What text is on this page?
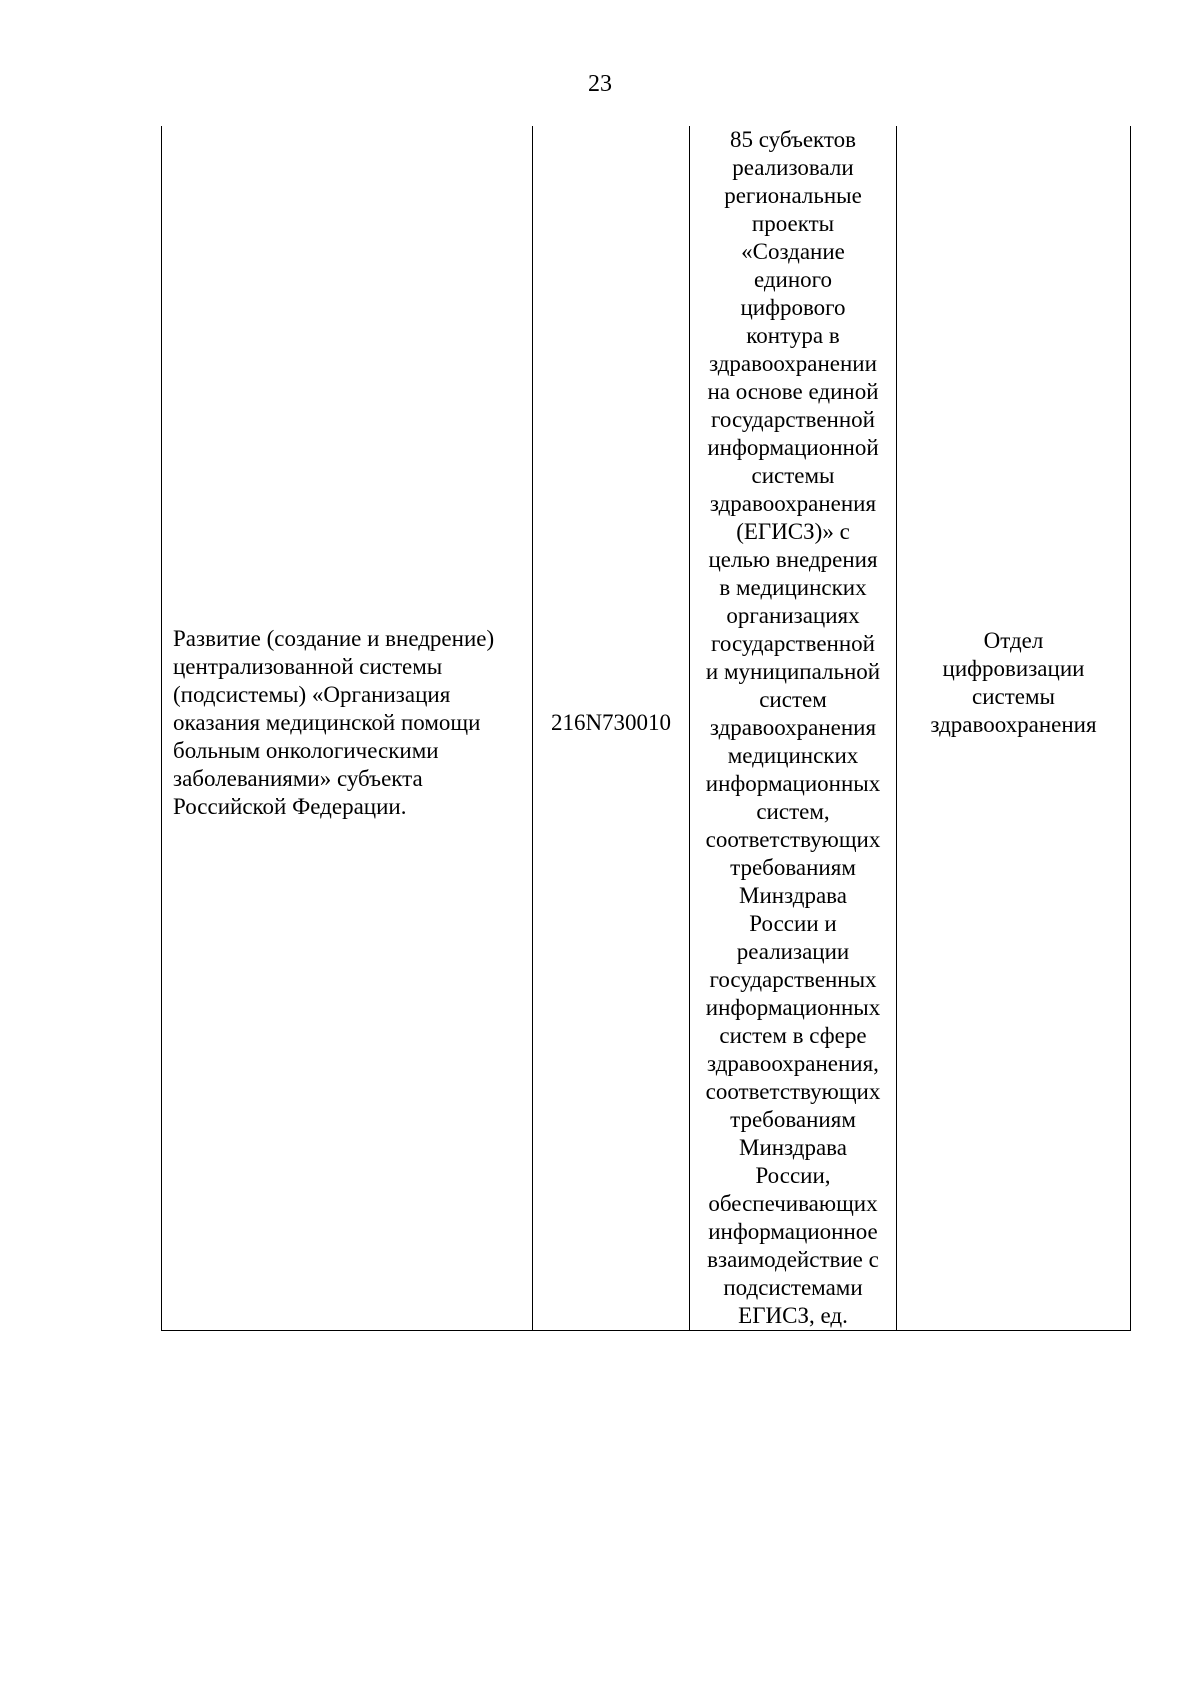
23
Развитие (создание и внедрение)
централизованной системы
(подсистемы) «Организация
оказания медицинской помощи
больным онкологическими
заболеваниями» субъекта
Российской Федерации.

216N730010

85 субъектов
реализовали
региональные
проекты
«Создание
единого
цифрового
контура в
здравоохранении
на основе единой
государственной
информационной
системы
здравоохранения
(ЕГИСЗ)» с
целью внедрения
в медицинских
организациях
государственной
и муниципальной
систем
здравоохранения
медицинских
информационных
систем,
соответствующих
требованиям
Минздрава
России и
реализации
государственных
информационных
систем в сфере
здравоохранения,
соответствующих
требованиям
Минздрава
России,
обеспечивающих
информационное
взаимодействие с
подсистемами
ЕГИСЗ, ед.

Отдел
цифровизации
системы
здравоохранения
